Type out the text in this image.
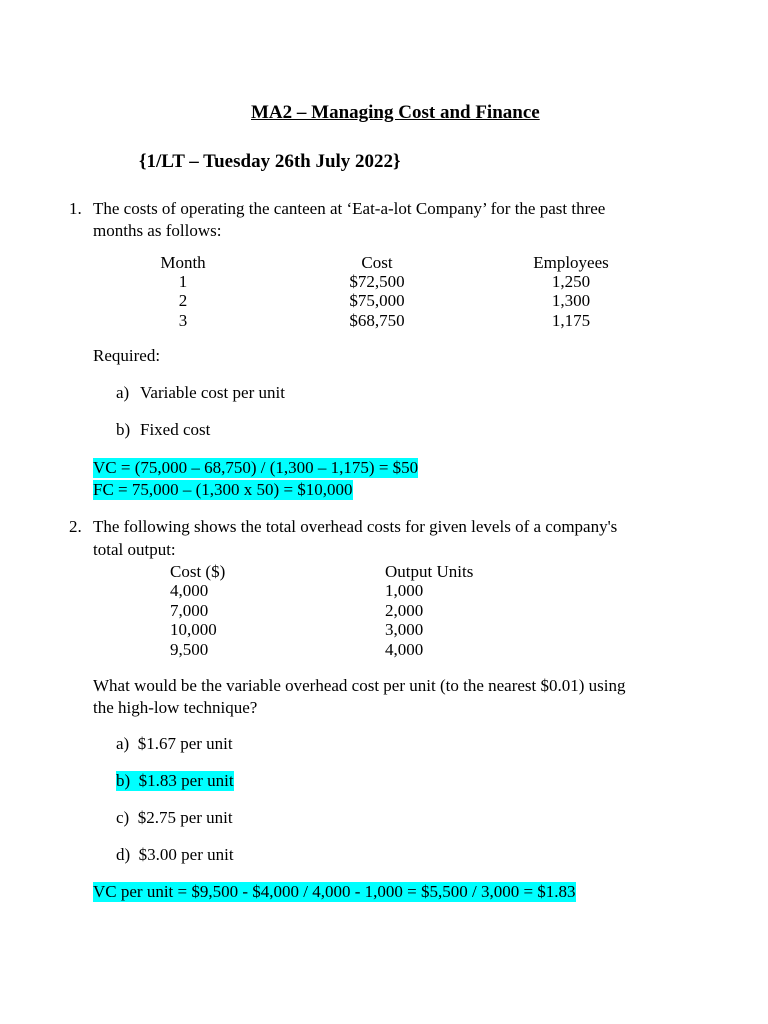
MA2 – Managing Cost and Finance
{1/LT – Tuesday 26th July 2022}
1. The costs of operating the canteen at ‘Eat-a-lot Company’ for the past three
months as follows:
Month	Cost	Employees
1	$72,500	1,250
2	$75,000	1,300
3	$68,750	1,175
Required:
a) Variable cost per unit
b) Fixed cost
VC = (75,000 – 68,750) / (1,300 – 1,175) = $50
FC = 75,000 – (1,300 x 50) = $10,000
2. The following shows the total overhead costs for given levels of a company's
total output:
Cost ($)	Output Units
4,000	1,000
7,000	2,000
10,000	3,000
9,500	4,000
What would be the variable overhead cost per unit (to the nearest $0.01) using
the high-low technique?
a) $1.67 per unit
b) $1.83 per unit
c) $2.75 per unit
d) $3.00 per unit
VC per unit = $9,500 - $4,000 / 4,000 - 1,000 = $5,500 / 3,000 = $1.83
